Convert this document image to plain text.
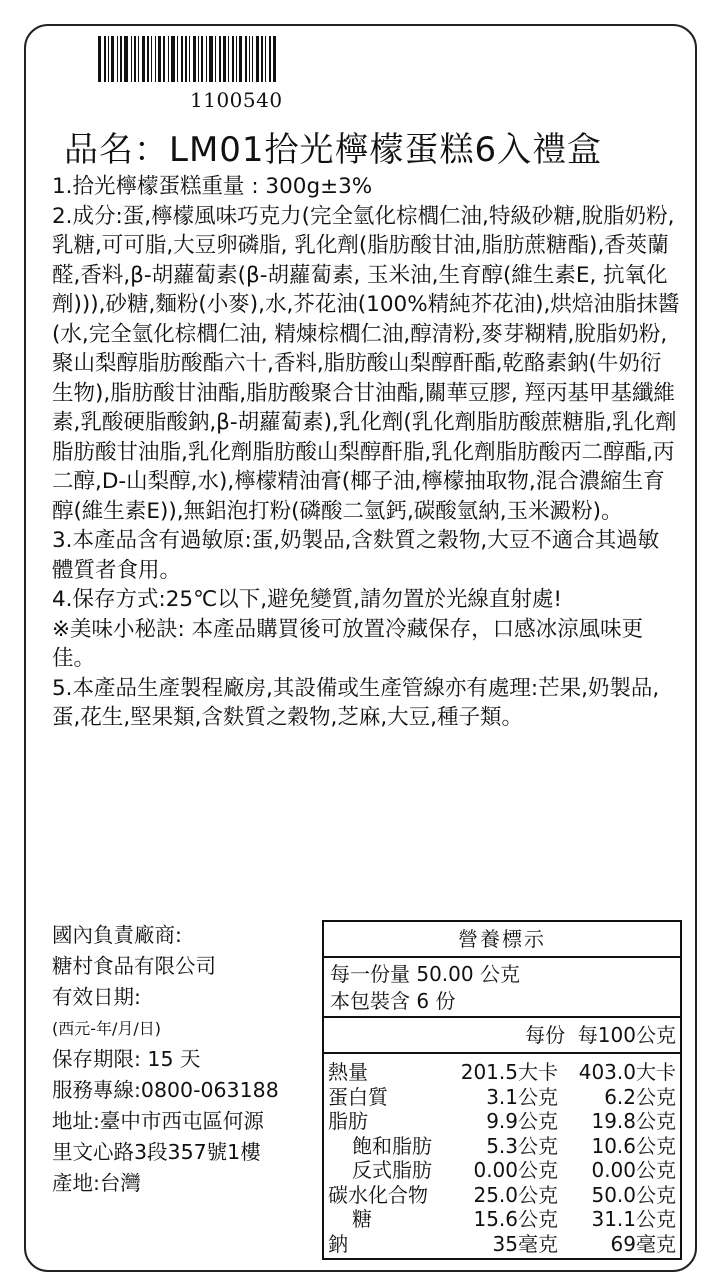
1100540
品名：LM01拾光檸檬蛋糕6入禮盒

1.拾光檸檬蛋糕重量 : 300g±3%

2.成分:蛋,檸檬風味巧克力(完全氫化棕櫚仁油,特級砂糖,脫脂奶粉,乳糖,可可脂,大豆卵磷脂, 乳化劑(脂肪酸甘油,脂肪蔗糖酯),香莢蘭醛,香料,β-胡蘿蔔素(β-胡蘿蔔素, 玉米油,生育醇(維生素E, 抗氧化劑))),砂糖,麵粉(小麥),水,芥花油(100%精純芥花油),烘焙油脂抹醬(水,完全氫化棕櫚仁油, 精煉棕櫚仁油,醇清粉,麥芽糊精,脫脂奶粉,聚山梨醇脂肪酸酯六十,香料,脂肪酸山梨醇酐酯,乾酪素鈉(牛奶衍生物),脂肪酸甘油酯,脂肪酸聚合甘油酯,關華豆膠, 羥丙基甲基纖維素,乳酸硬脂酸鈉,β-胡蘿蔔素),乳化劑(乳化劑脂肪酸蔗糖脂,乳化劑脂肪酸甘油脂,乳化劑脂肪酸山梨醇酐脂,乳化劑脂肪酸丙二醇酯,丙二醇,D-山梨醇,水),檸檬精油膏(椰子油,檸檬抽取物,混合濃縮生育醇(維生素E)),無鋁泡打粉(磷酸二氫鈣,碳酸氫納,玉米澱粉)。

3.本產品含有過敏原:蛋,奶製品,含麩質之穀物,大豆不適合其過敏體質者食用。

4.保存方式:25℃以下,避免變質,請勿置於光線直射處!

※美味小秘訣: 本產品購買後可放置冷藏保存，口感冰涼風味更佳。

5.本產品生產製程廠房,其設備或生產管線亦有處理:芒果,奶製品,蛋,花生,堅果類,含麩質之穀物,芝麻,大豆,種子類。

國內負責廠商:
糖村食品有限公司
有效日期:
(西元-年/月/日)
保存期限: 15 天
服務專線:0800-063188
地址:臺中市西屯區何源
里文心路3段357號1樓
產地:台灣
營養標示
每一份量 50.00 公克
本包裝含 6 份
每份 每100公克
熱量	201.5大卡	403.0大卡
蛋白質	3.1公克	6.2公克
脂肪	9.9公克	19.8公克
飽和脂肪	5.3公克	10.6公克
反式脂肪	0.00公克	0.00公克
碳水化合物	25.0公克	50.0公克
糖	15.6公克	31.1公克
鈉	35毫克	69毫克
